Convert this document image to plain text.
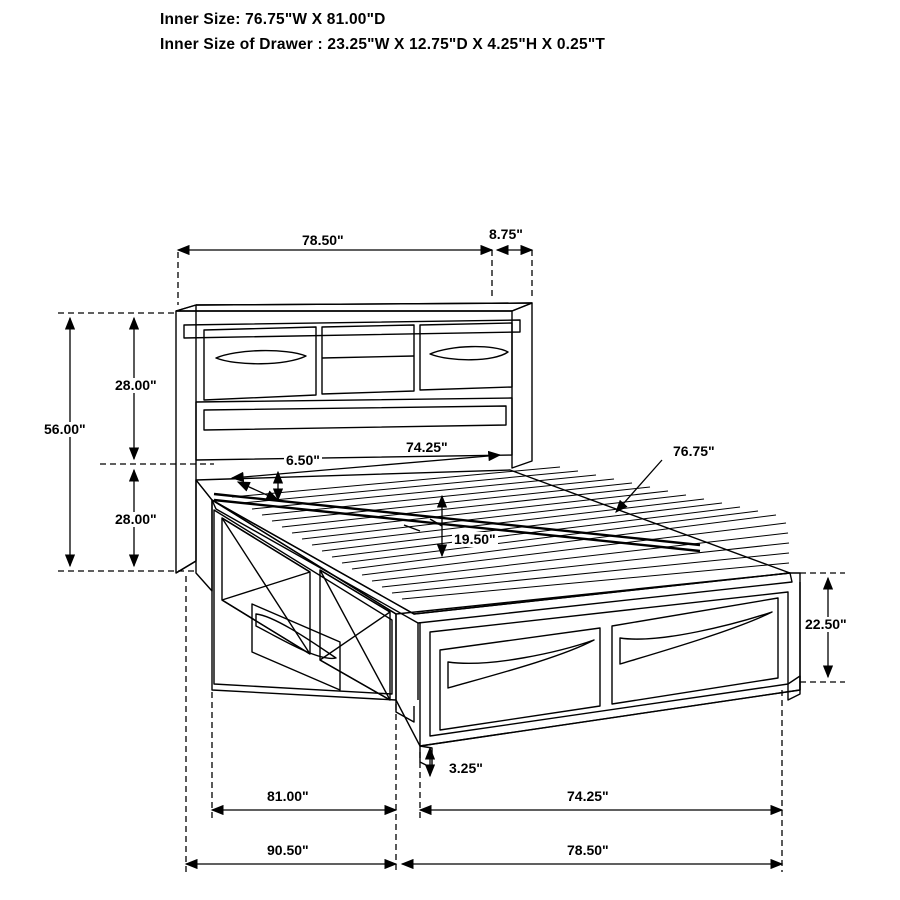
Inner Size: 76.75"W X 81.00"D
Inner Size of Drawer : 23.25"W X 12.75"D X 4.25"H X 0.25"T
78.50"	8.75"
28.00"
56.00"
28.00"
74.25"
6.50"
76.75"
19.50"
22.50"
3.25"
81.00"	74.25"
90.50"	78.50"
